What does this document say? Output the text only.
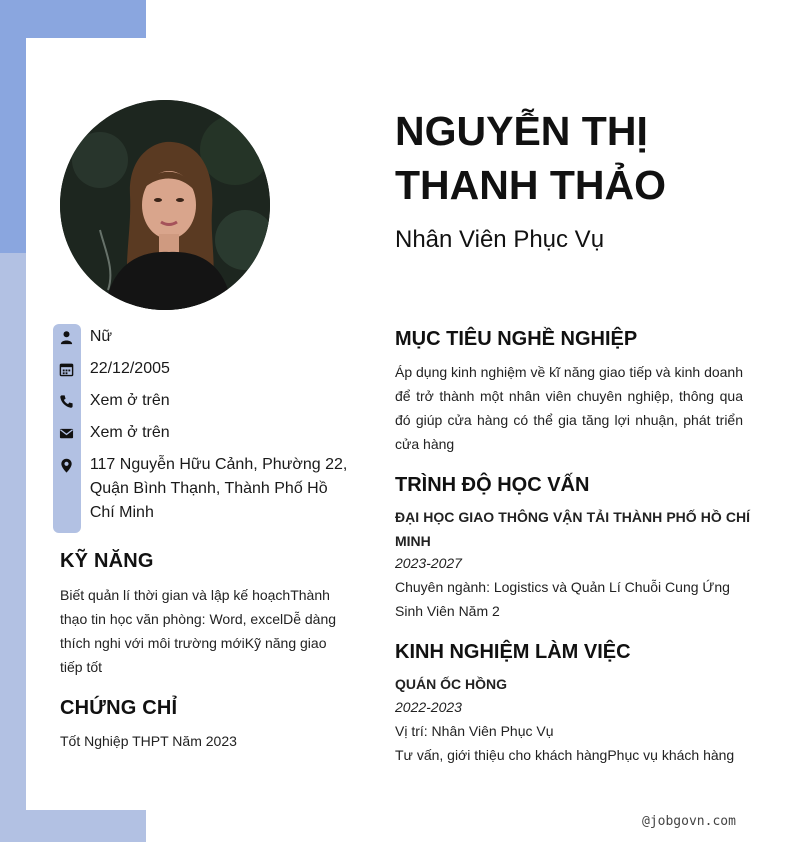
NGUYỄN THỊ THANH THẢO
Nhân Viên Phục Vụ
Nữ
22/12/2005
Xem ở trên
Xem ở trên
117 Nguyễn Hữu Cảnh, Phường 22, Quận Bình Thạnh, Thành Phố Hồ Chí Minh
KỸ NĂNG
Biết quản lí thời gian và lập kế hoạchThành thạo tin học văn phòng: Word, excelDễ dàng thích nghi với môi trường mớiKỹ năng giao tiếp tốt
CHỨNG CHỈ
Tốt Nghiệp THPT Năm 2023
MỤC TIÊU NGHỀ NGHIỆP
Áp dụng kinh nghiệm về kĩ năng giao tiếp và kinh doanh để trở thành một nhân viên chuyên nghiệp, thông qua đó giúp cửa hàng có thể gia tăng lợi nhuận, phát triển cửa hàng
TRÌNH ĐỘ HỌC VẤN
ĐẠI HỌC GIAO THÔNG VẬN TẢI THÀNH PHỐ HỒ CHÍ MINH
2023-2027
Chuyên ngành: Logistics và Quản Lí Chuỗi Cung Ứng
Sinh Viên Năm 2
KINH NGHIỆM LÀM VIỆC
QUÁN ỐC HỒNG
2022-2023
Vị trí: Nhân Viên Phục Vụ
Tư vấn, giới thiệu cho khách hàngPhục vụ khách hàng
@jobgovn.com
